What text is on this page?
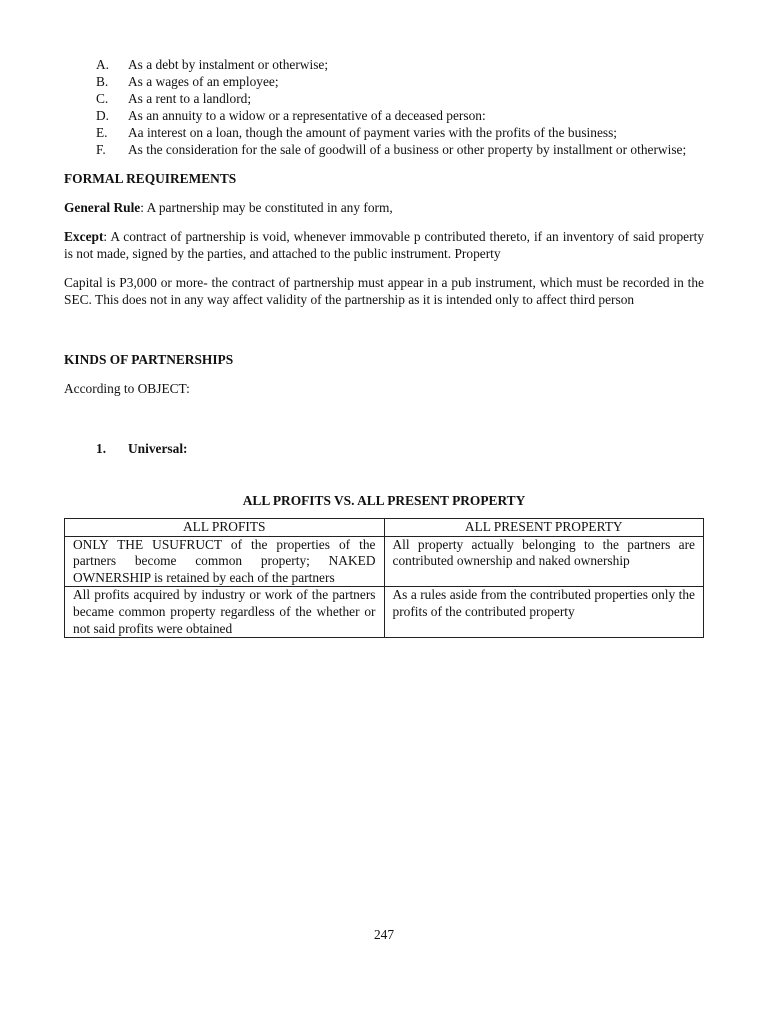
A.	As a debt by instalment or otherwise;
B.	As a wages of an employee;
C.	As a rent to a landlord;
D.	As an annuity to a widow or a representative of a deceased person:
E.	Aa interest on a loan, though the amount of payment varies with the profits of the business;
F.	As the consideration for the sale of goodwill of a business or other property by installment or otherwise;

FORMAL REQUIREMENTS

General Rule: A partnership may be constituted in any form,

Except: A contract of partnership is void, whenever immovable p contributed thereto, if an inventory of said property is not made, signed by the parties, and attached to the public instrument. Property

Capital is P3,000 or more- the contract of partnership must appear in a pub instrument, which must be recorded in the SEC. This does not in any way affect validity of the partnership as it is intended only to affect third person

KINDS OF PARTNERSHIPS

According to OBJECT:

1.	Universal:

ALL PROFITS VS. ALL PRESENT PROPERTY

ALL PROFITS	ALL PRESENT PROPERTY
ONLY THE USUFRUCT of the properties of the partners become common property; NAKED OWNERSHIP is retained by each of the partners	All property actually belonging to the partners are contributed ownership and naked ownership
All profits acquired by industry or work of the partners became common property regardless of the whether or not said profits were obtained	As a rules aside from the contributed properties only the profits of the contributed property
247
